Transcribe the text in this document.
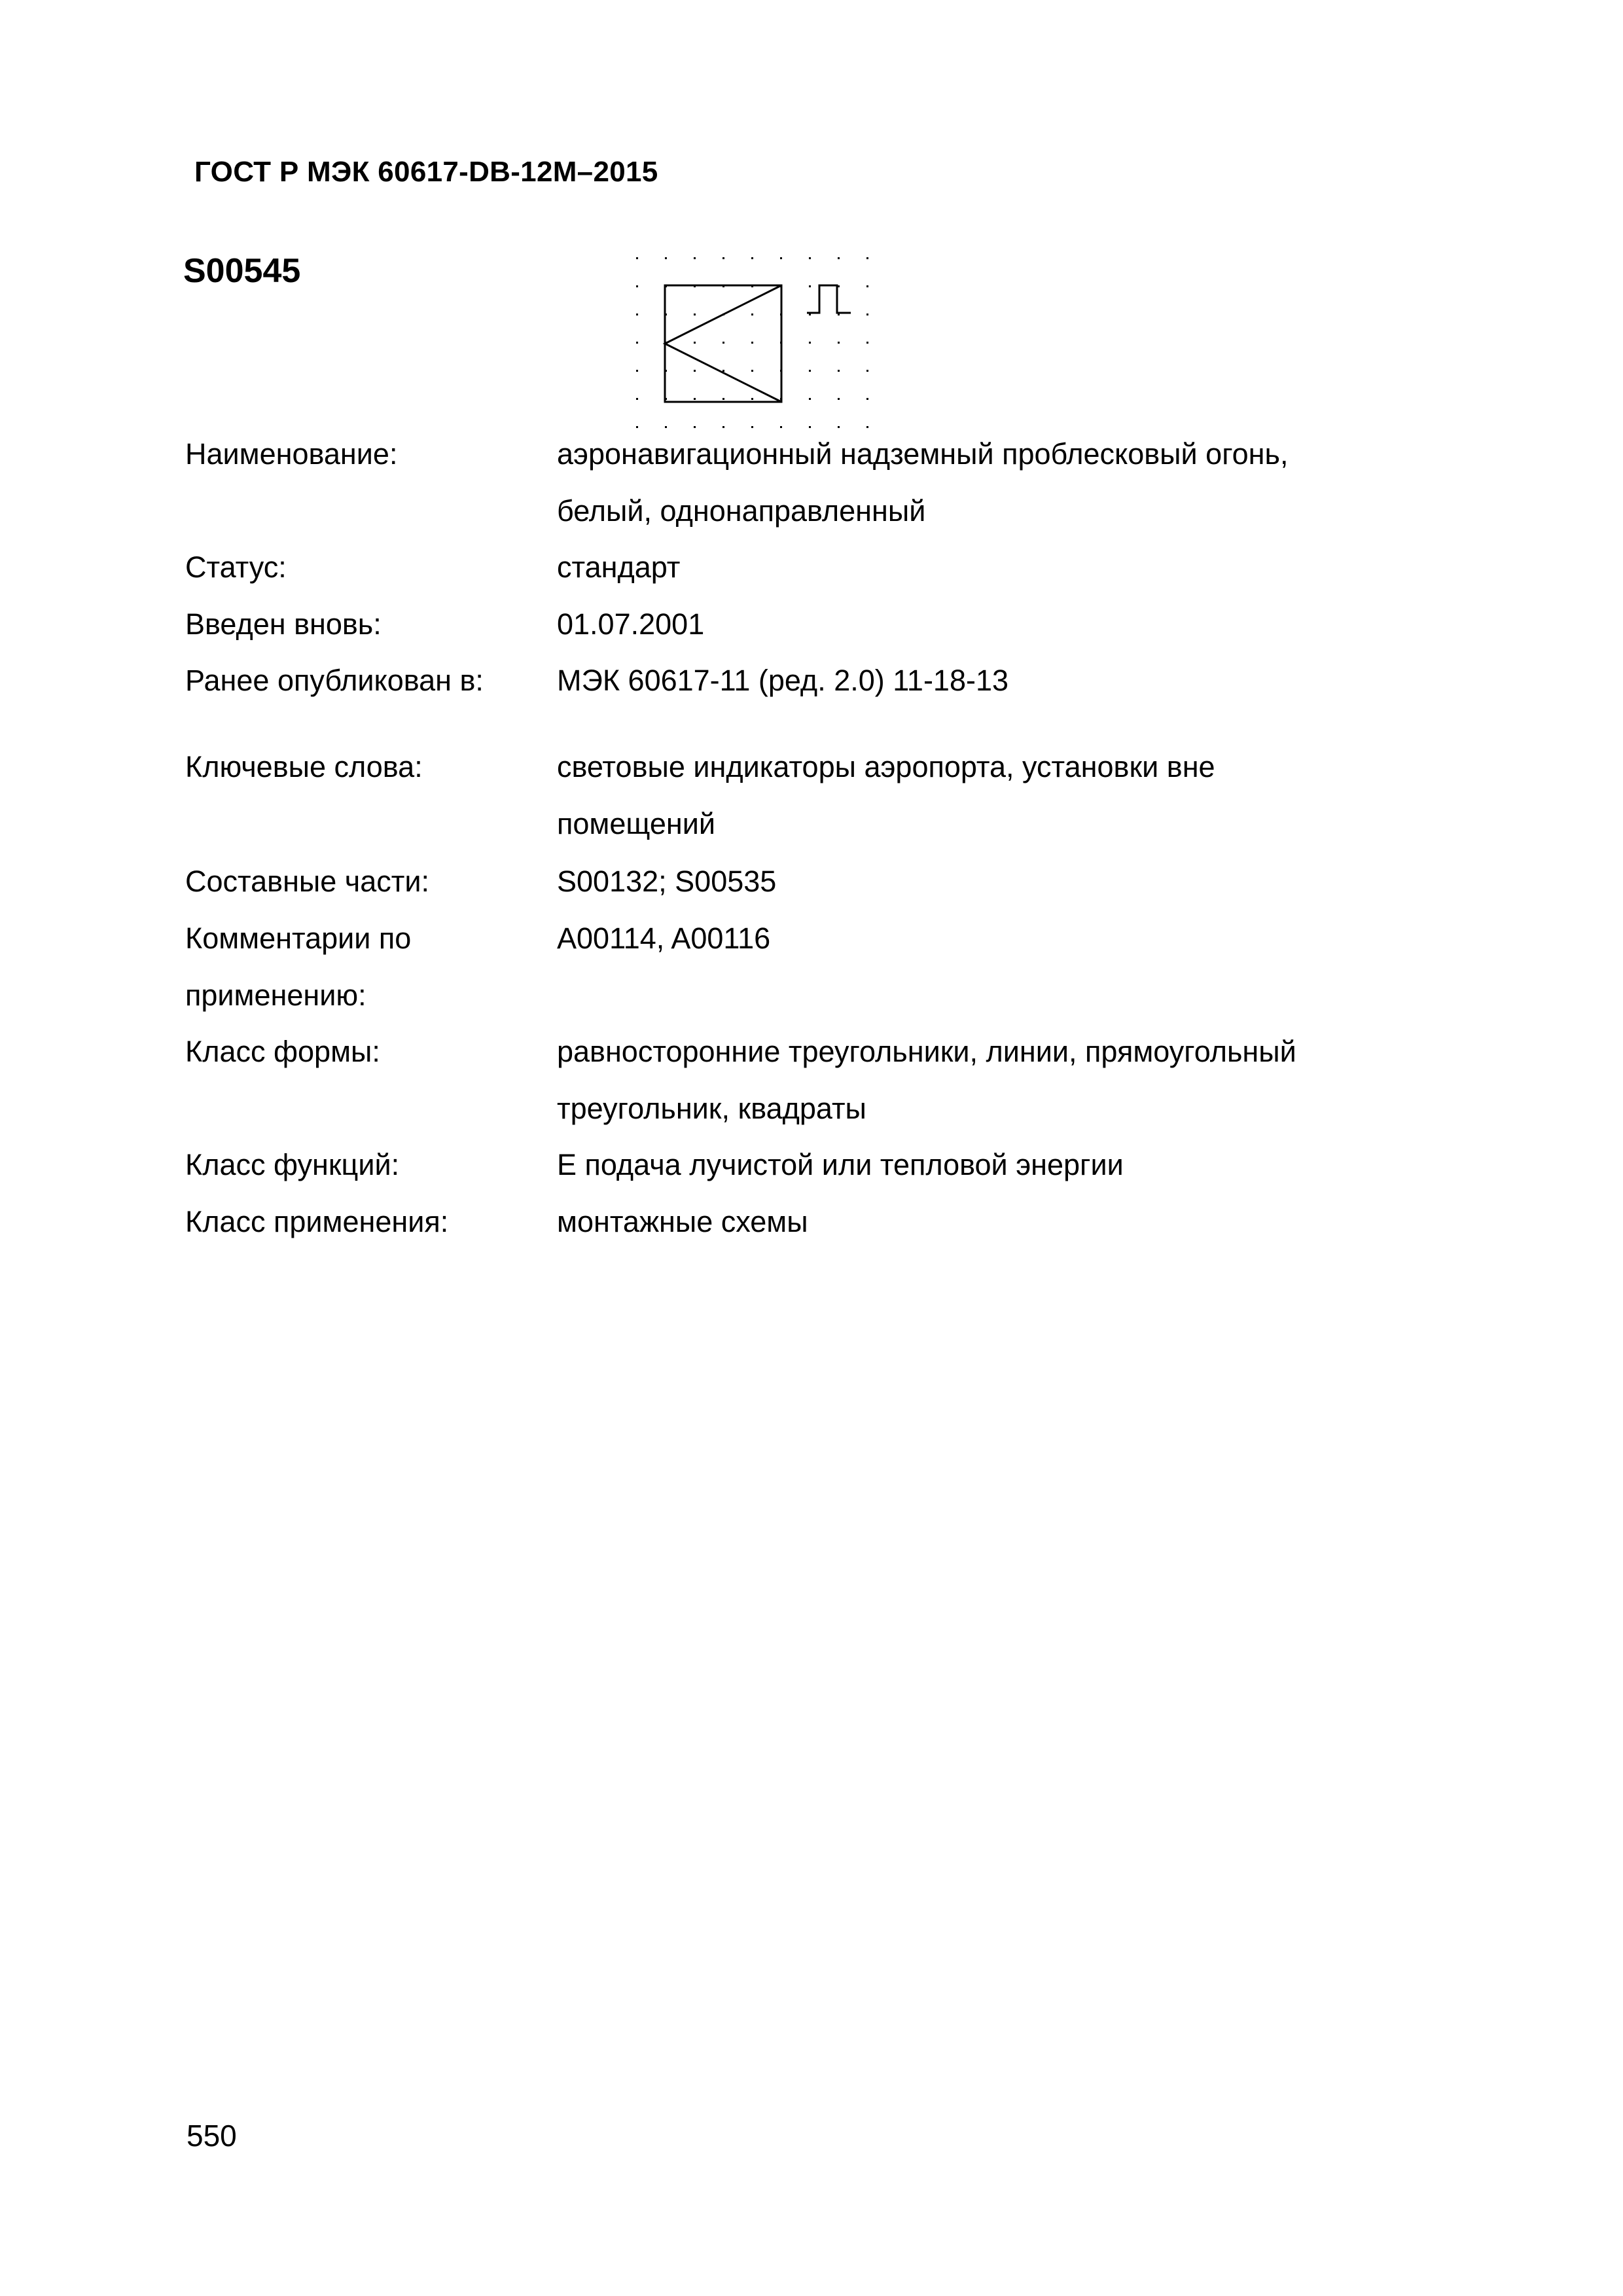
ГОСТ Р МЭК 60617-DB-12M–2015
S00545
Наименование:	аэронавигационный надземный проблесковый огонь,
белый, однонаправленный
Статус:	стандарт
Введен вновь:	01.07.2001
Ранее опубликован в:	МЭК 60617-11 (ред. 2.0) 11-18-13
Ключевые слова:	световые индикаторы аэропорта, установки вне
помещений
Составные части:	S00132; S00535
Комментарии по
применению:
A00114, A00116
Класс формы:	равносторонние треугольники, линии, прямоугольный
треугольник, квадраты
Класс функций:	Е подача лучистой или тепловой энергии
Класс применения:	монтажные схемы
550
